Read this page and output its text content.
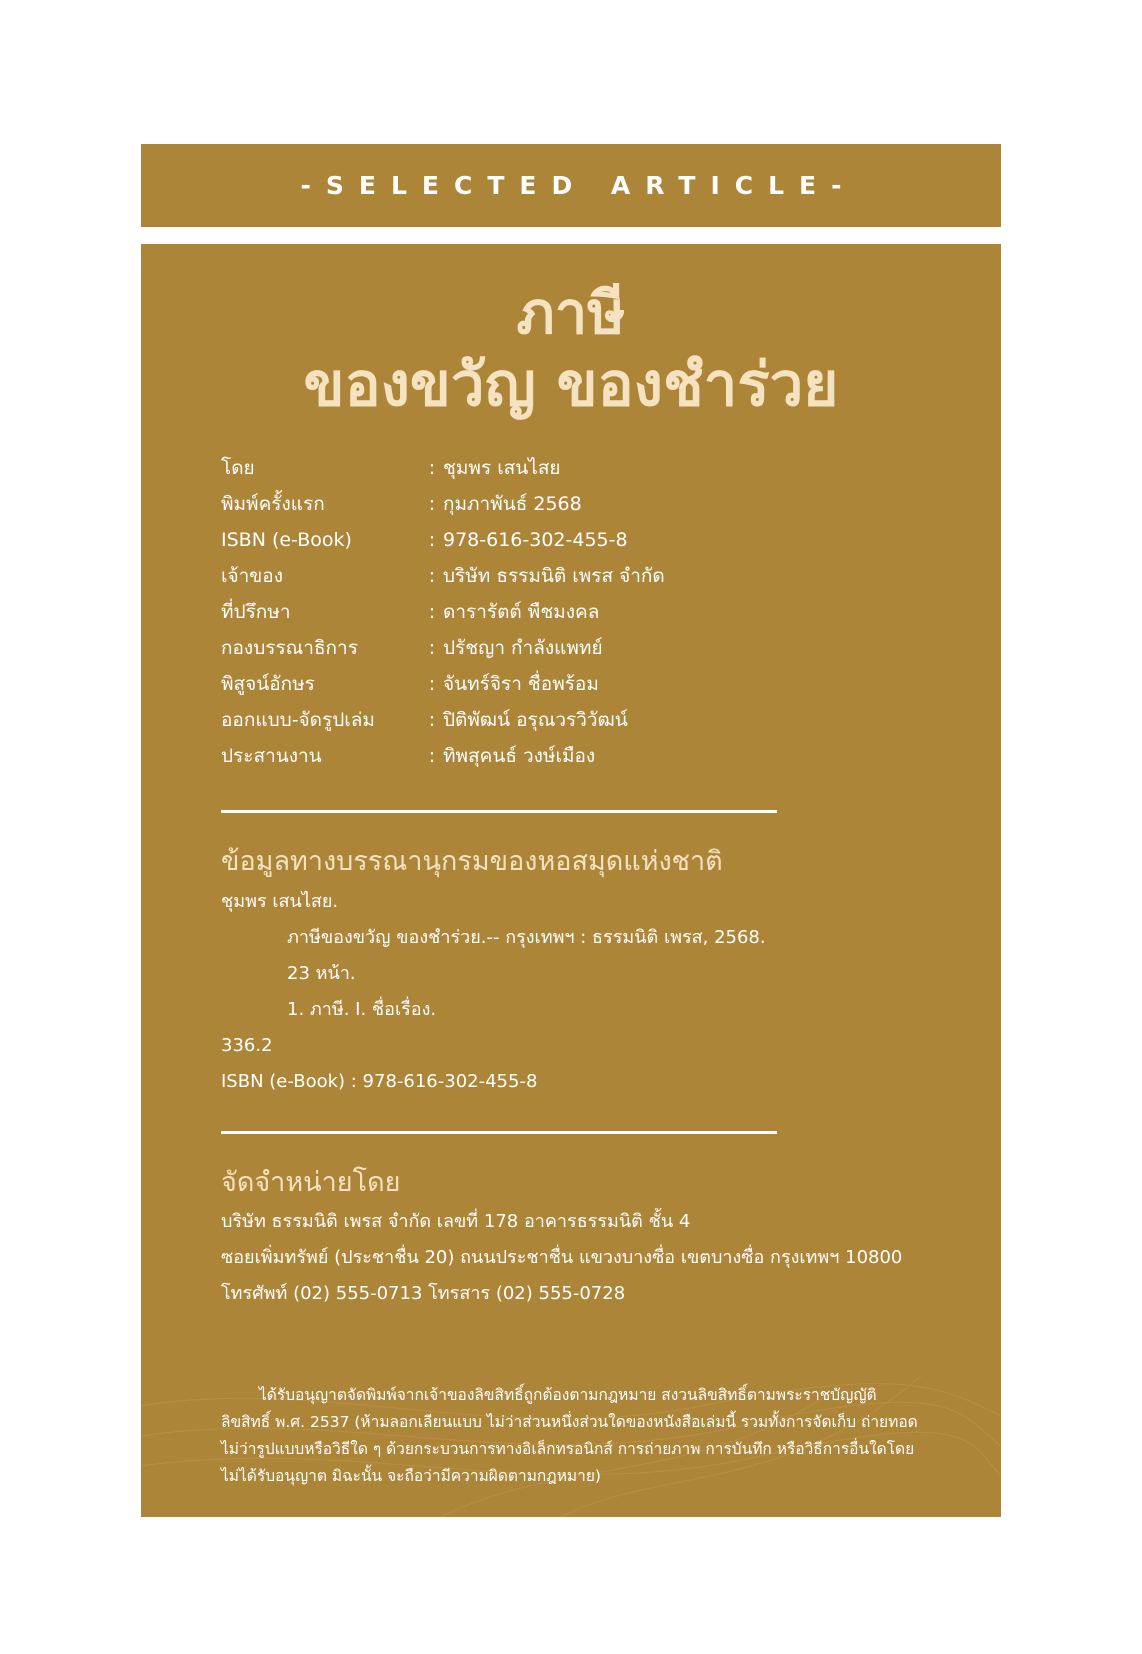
-SELECTED ARTICLE-
ภาษี
ของขวัญ ของชำร่วย
โดย	: ชุมพร เสนไสย
พิมพ์ครั้งแรก	: กุมภาพันธ์ 2568
ISBN (e-Book)	: 978-616-302-455-8
เจ้าของ	: บริษัท ธรรมนิติ เพรส จำกัด
ที่ปรึกษา	: ดารารัตต์ พืชมงคล
กองบรรณาธิการ	: ปรัชญา กำลังแพทย์
พิสูจน์อักษร	: จันทร์จิรา ชื่อพร้อม
ออกแบบ-จัดรูปเล่ม	: ปิติพัฒน์ อรุณวรวิวัฒน์
ประสานงาน	: ทิพสุคนธ์ วงษ์เมือง
ข้อมูลทางบรรณานุกรมของหอสมุดแห่งชาติ
ชุมพร เสนไสย.
ภาษีของขวัญ ของชำร่วย.-- กรุงเทพฯ : ธรรมนิติ เพรส, 2568.
23 หน้า.
1. ภาษี. I. ชื่อเรื่อง.
336.2
ISBN (e-Book) : 978-616-302-455-8
จัดจำหน่ายโดย
บริษัท ธรรมนิติ เพรส จำกัด เลขที่ 178 อาคารธรรมนิติ ชั้น 4
ซอยเพิ่มทรัพย์ (ประชาชื่น 20) ถนนประชาชื่น แขวงบางซื่อ เขตบางซื่อ กรุงเทพฯ 10800
โทรศัพท์ (02) 555-0713 โทรสาร (02) 555-0728

ได้รับอนุญาตจัดพิมพ์จากเจ้าของลิขสิทธิ์ถูกต้องตามกฎหมาย สงวนลิขสิทธิ์ตามพระราชบัญญัติลิขสิทธิ์ พ.ศ. 2537 (ห้ามลอกเลียนแบบ ไม่ว่าส่วนหนึ่งส่วนใดของหนังสือเล่มนี้ รวมทั้งการจัดเก็บ ถ่ายทอด ไม่ว่ารูปแบบหรือวิธีใด ๆ ด้วยกระบวนการทางอิเล็กทรอนิกส์ การถ่ายภาพ การบันทึก หรือวิธีการอื่นใดโดยไม่ได้รับอนุญาต มิฉะนั้น จะถือว่ามีความผิดตามกฎหมาย)
